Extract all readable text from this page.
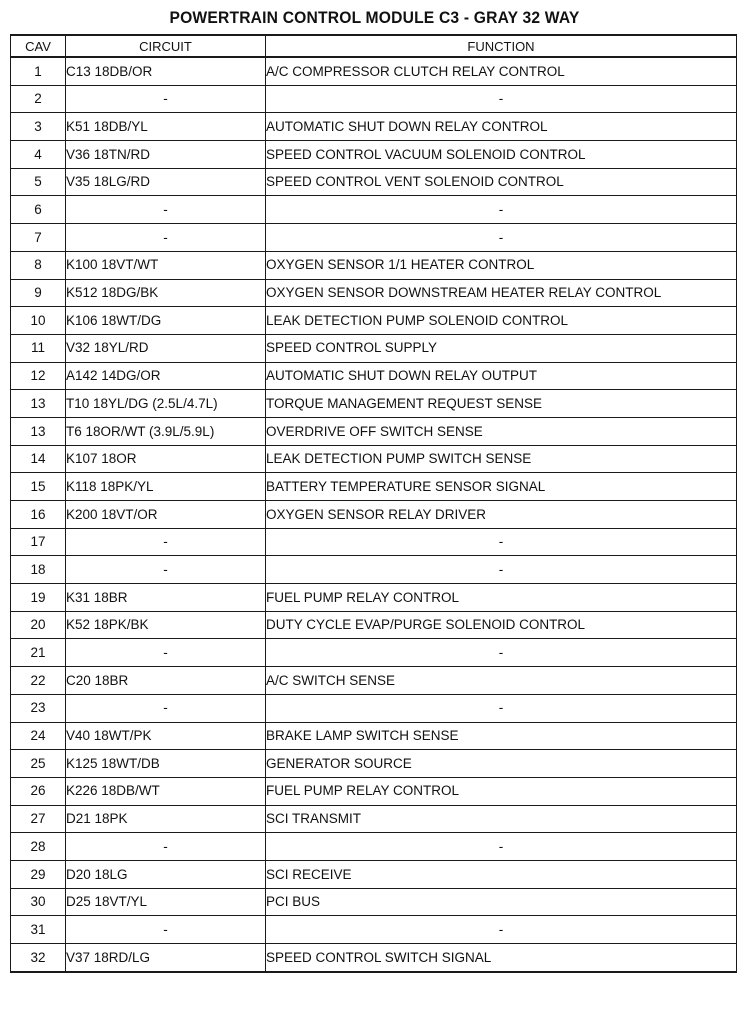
POWERTRAIN CONTROL MODULE C3 - GRAY 32 WAY
CAV	CIRCUIT	FUNCTION
1	C13 18DB/OR	A/C COMPRESSOR CLUTCH RELAY CONTROL
2	-	-
3	K51 18DB/YL	AUTOMATIC SHUT DOWN RELAY CONTROL
4	V36 18TN/RD	SPEED CONTROL VACUUM SOLENOID CONTROL
5	V35 18LG/RD	SPEED CONTROL VENT SOLENOID CONTROL
6	-	-
7	-	-
8	K100 18VT/WT	OXYGEN SENSOR 1/1 HEATER CONTROL
9	K512 18DG/BK	OXYGEN SENSOR DOWNSTREAM HEATER RELAY CONTROL
10	K106 18WT/DG	LEAK DETECTION PUMP SOLENOID CONTROL
11	V32 18YL/RD	SPEED CONTROL SUPPLY
12	A142 14DG/OR	AUTOMATIC SHUT DOWN RELAY OUTPUT
13	T10 18YL/DG (2.5L/4.7L)	TORQUE MANAGEMENT REQUEST SENSE
13	T6 18OR/WT (3.9L/5.9L)	OVERDRIVE OFF SWITCH SENSE
14	K107 18OR	LEAK DETECTION PUMP SWITCH SENSE
15	K118 18PK/YL	BATTERY TEMPERATURE SENSOR SIGNAL
16	K200 18VT/OR	OXYGEN SENSOR RELAY DRIVER
17	-	-
18	-	-
19	K31 18BR	FUEL PUMP RELAY CONTROL
20	K52 18PK/BK	DUTY CYCLE EVAP/PURGE SOLENOID CONTROL
21	-	-
22	C20 18BR	A/C SWITCH SENSE
23	-	-
24	V40 18WT/PK	BRAKE LAMP SWITCH SENSE
25	K125 18WT/DB	GENERATOR SOURCE
26	K226 18DB/WT	FUEL PUMP RELAY CONTROL
27	D21 18PK	SCI TRANSMIT
28	-	-
29	D20 18LG	SCI RECEIVE
30	D25 18VT/YL	PCI BUS
31	-	-
32	V37 18RD/LG	SPEED CONTROL SWITCH SIGNAL
